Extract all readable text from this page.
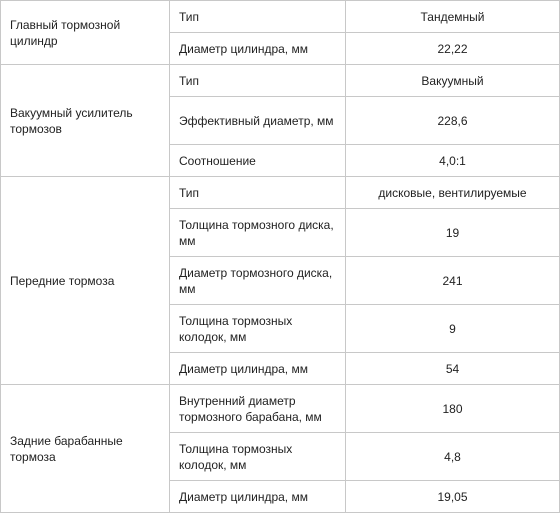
Главный тормозной цилиндр	Тип	Тандемный
	Диаметр цилиндра, мм	22,22
Вакуумный усилитель тормозов	Тип	Вакуумный
	Эффективный диаметр, мм	228,6
	Соотношение	4,0:1
Передние тормоза	Тип	дисковые, вентилируемые
	Толщина тормозного диска, мм	19
	Диаметр тормозного диска, мм	241
	Толщина тормозных колодок, мм	9
	Диаметр цилиндра, мм	54
Задние барабанные тормоза	Внутренний диаметр тормозного барабана, мм	180
	Толщина тормозных колодок, мм	4,8
	Диаметр цилиндра, мм	19,05
